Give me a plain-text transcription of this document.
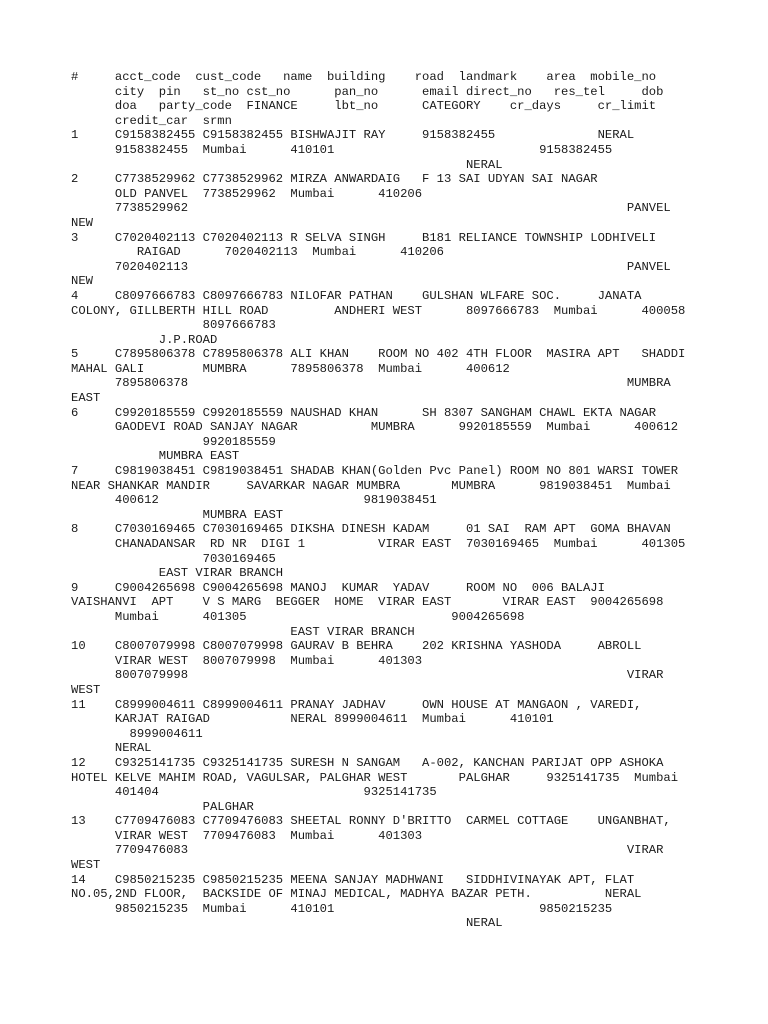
#     acct_code  cust_code   name  building    road  landmark    area  mobile_no
city  pin   st_no cst_no      pan_no      email direct_no   res_tel     dob
doa   party_code  FINANCE     lbt_no      CATEGORY    cr_days     cr_limit
credit_car  srmn
1     C9158382455 C9158382455 BISHWAJIT RAY     9158382455              NERAL
9158382455  Mumbai      410101                            9158382455
NERAL
2     C7738529962 C7738529962 MIRZA ANWARDAIG   F 13 SAI UDYAN SAI NAGAR
OLD PANVEL  7738529962  Mumbai      410206
7738529962                                                            PANVEL
NEW
3     C7020402113 C7020402113 R SELVA SINGH     B181 RELIANCE TOWNSHIP LODHIVELI
RAIGAD      7020402113  Mumbai      410206
7020402113                                                            PANVEL
NEW
4     C8097666783 C8097666783 NILOFAR PATHAN    GULSHAN WLFARE SOC.     JANATA
COLONY, GILLBERTH HILL ROAD         ANDHERI WEST      8097666783  Mumbai      400058
8097666783
J.P.ROAD
5     C7895806378 C7895806378 ALI KHAN    ROOM NO 402 4TH FLOOR  MASIRA APT   SHADDI
MAHAL GALI        MUMBRA      7895806378  Mumbai      400612
7895806378                                                            MUMBRA
EAST
6     C9920185559 C9920185559 NAUSHAD KHAN      SH 8307 SANGHAM CHAWL EKTA NAGAR
GAODEVI ROAD SANJAY NAGAR          MUMBRA      9920185559  Mumbai      400612
9920185559
MUMBRA EAST
7     C9819038451 C9819038451 SHADAB KHAN(Golden Pvc Panel) ROOM NO 801 WARSI TOWER
NEAR SHANKAR MANDIR     SAVARKAR NAGAR MUMBRA       MUMBRA      9819038451  Mumbai
400612                            9819038451
MUMBRA EAST
8     C7030169465 C7030169465 DIKSHA DINESH KADAM     01 SAI  RAM APT  GOMA BHAVAN
CHANADANSAR  RD NR  DIGI 1          VIRAR EAST  7030169465  Mumbai      401305
7030169465
EAST VIRAR BRANCH
9     C9004265698 C9004265698 MANOJ  KUMAR  YADAV     ROOM NO  006 BALAJI
VAISHANVI  APT    V S MARG  BEGGER  HOME  VIRAR EAST       VIRAR EAST  9004265698
Mumbai      401305                            9004265698
EAST VIRAR BRANCH
10    C8007079998 C8007079998 GAURAV B BEHRA    202 KRISHNA YASHODA     ABROLL
VIRAR WEST  8007079998  Mumbai      401303
8007079998                                                            VIRAR
WEST
11    C8999004611 C8999004611 PRANAY JADHAV     OWN HOUSE AT MANGAON , VAREDI,
KARJAT RAIGAD           NERAL 8999004611  Mumbai      410101
8999004611
NERAL
12    C9325141735 C9325141735 SURESH N SANGAM   A-002, KANCHAN PARIJAT OPP ASHOKA
HOTEL KELVE MAHIM ROAD, VAGULSAR, PALGHAR WEST       PALGHAR     9325141735  Mumbai
401404                            9325141735
PALGHAR
13    C7709476083 C7709476083 SHEETAL RONNY D'BRITTO  CARMEL COTTAGE    UNGANBHAT,
VIRAR WEST  7709476083  Mumbai      401303
7709476083                                                            VIRAR
WEST
14    C9850215235 C9850215235 MEENA SANJAY MADHWANI   SIDDHIVINAYAK APT, FLAT
NO.05,2ND FLOOR,  BACKSIDE OF MINAJ MEDICAL, MADHYA BAZAR PETH.          NERAL
9850215235  Mumbai      410101                            9850215235
NERAL
